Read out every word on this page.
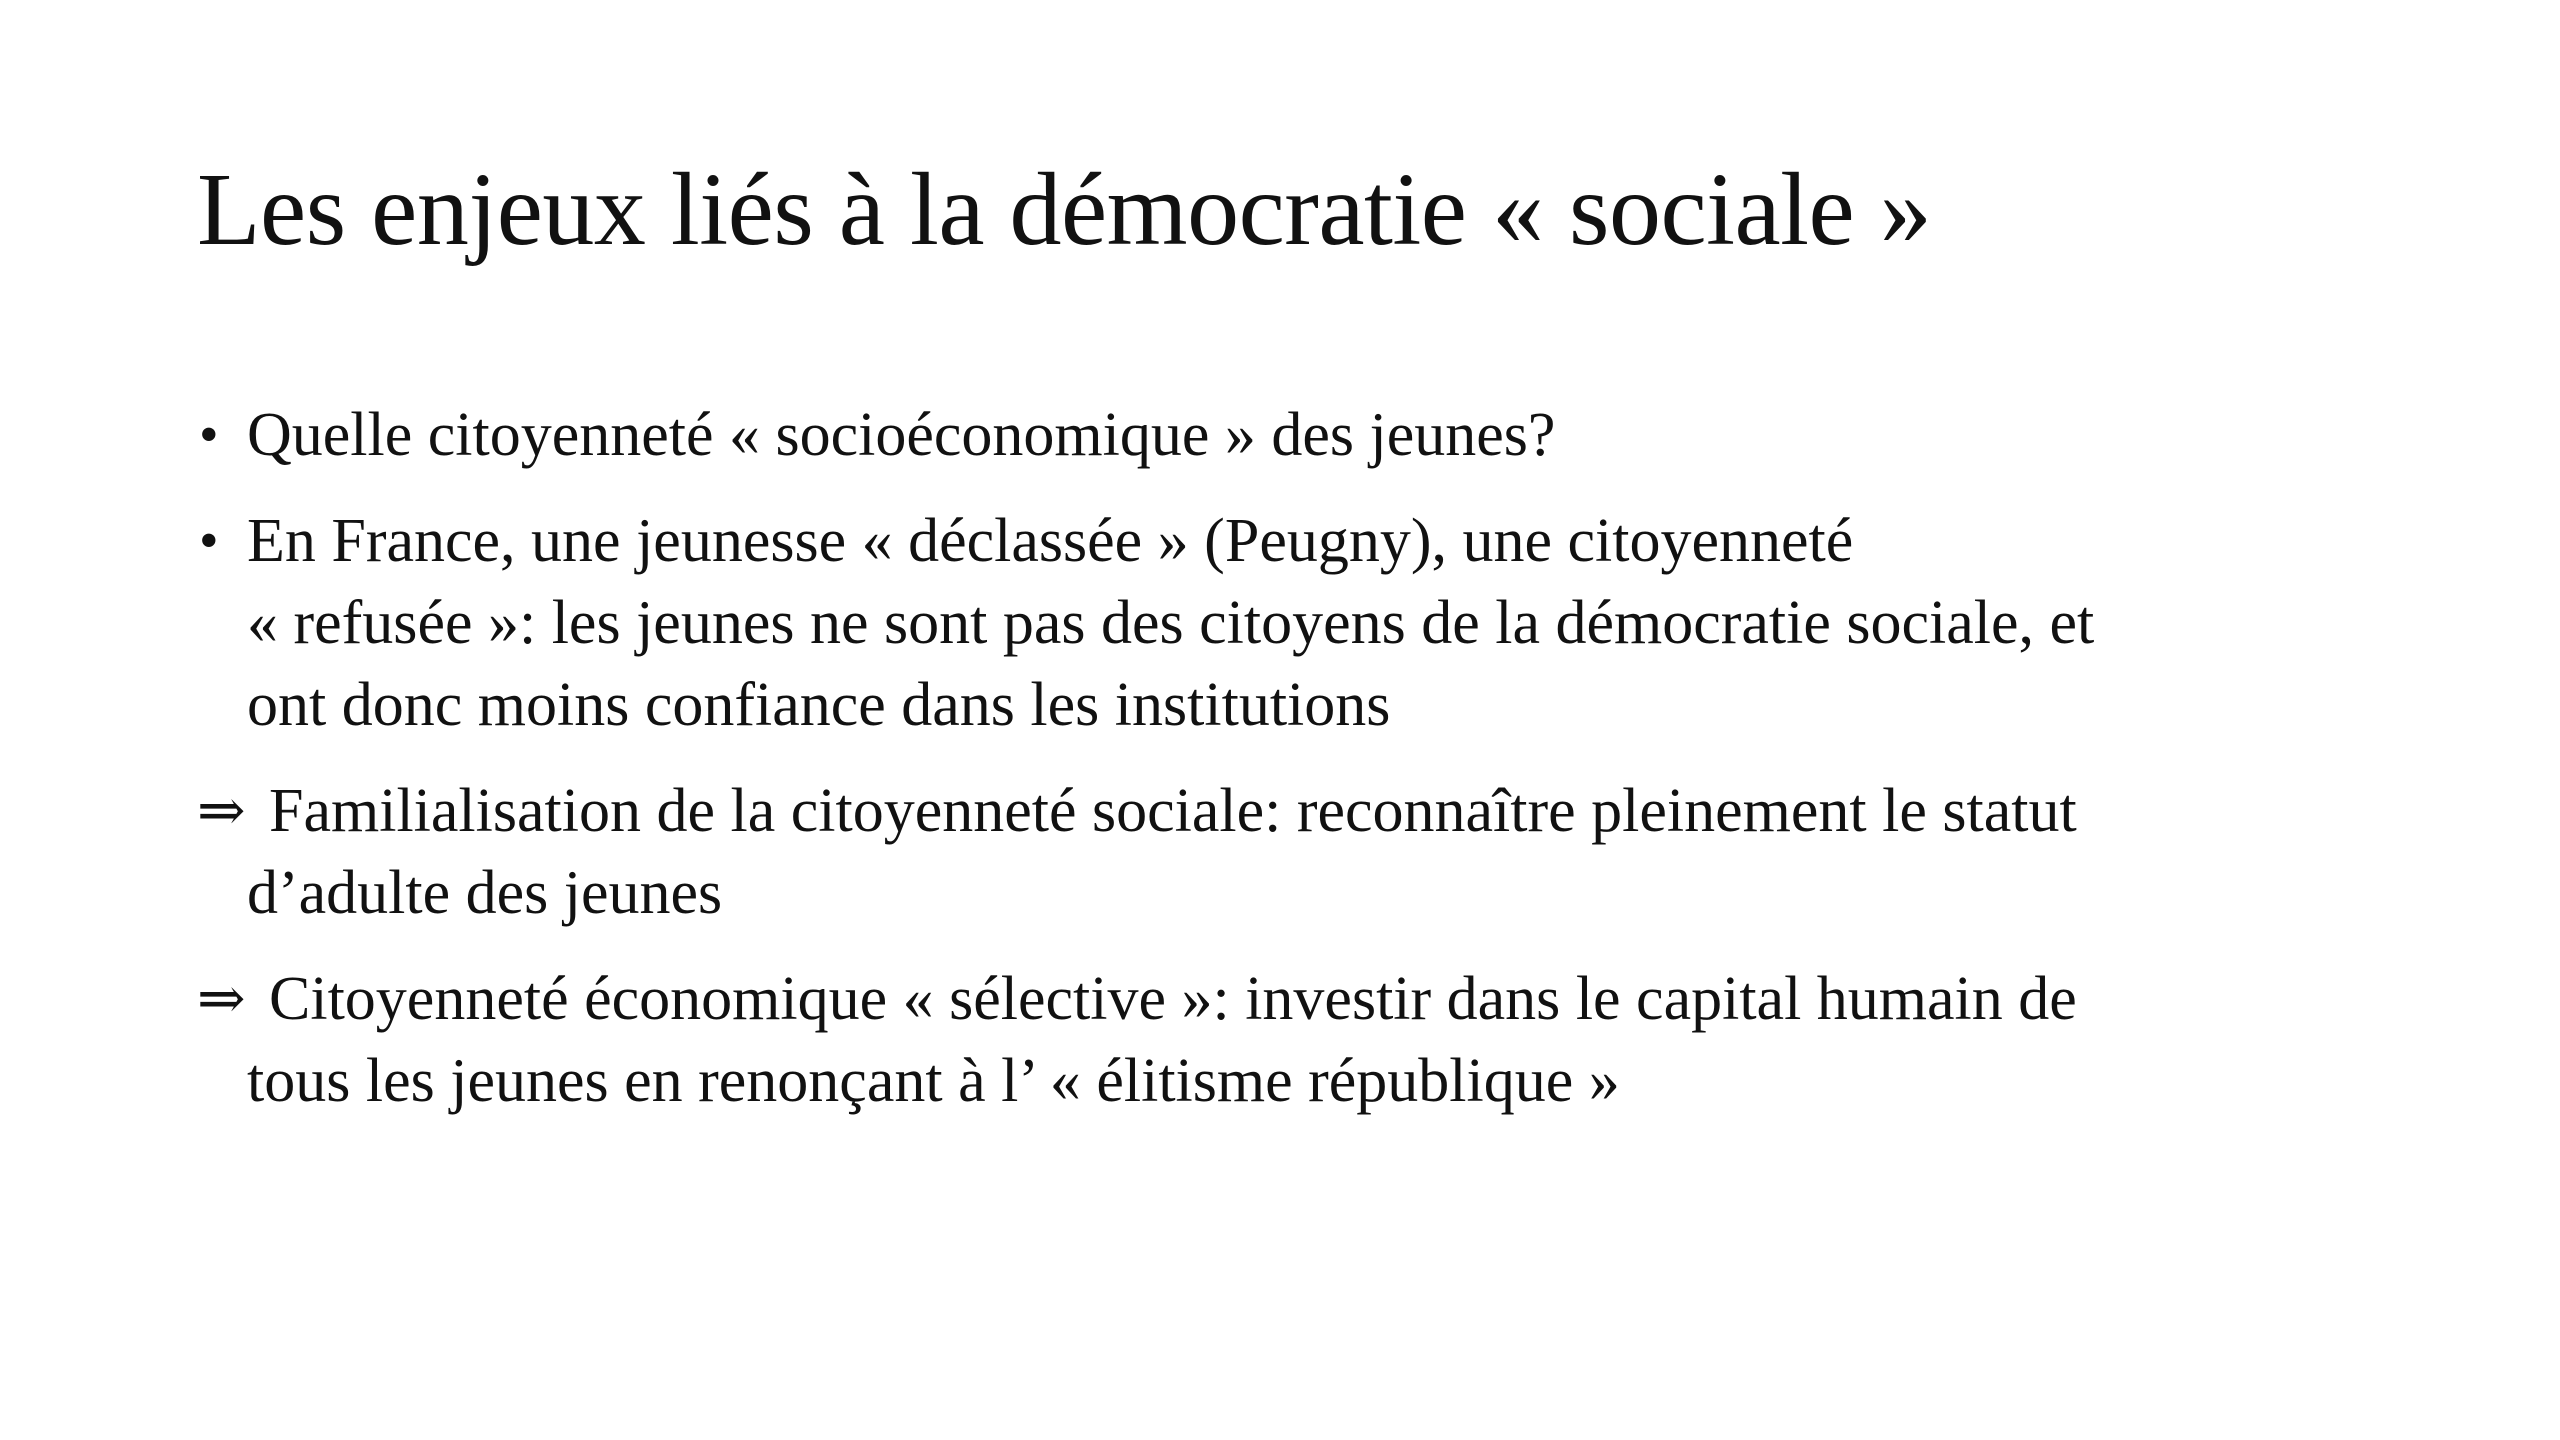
Les enjeux liés à la démocratie « sociale »
• Quelle citoyenneté « socioéconomique » des jeunes?
• En France, une jeunesse « déclassée » (Peugny), une citoyenneté
« refusée »: les jeunes ne sont pas des citoyens de la démocratie sociale, et
ont donc moins confiance dans les institutions
⇒ Familialisation de la citoyenneté sociale: reconnaître pleinement le statut
d’adulte des jeunes
⇒ Citoyenneté économique « sélective »: investir dans le capital humain de
tous les jeunes en renonçant à l’ « élitisme république »
